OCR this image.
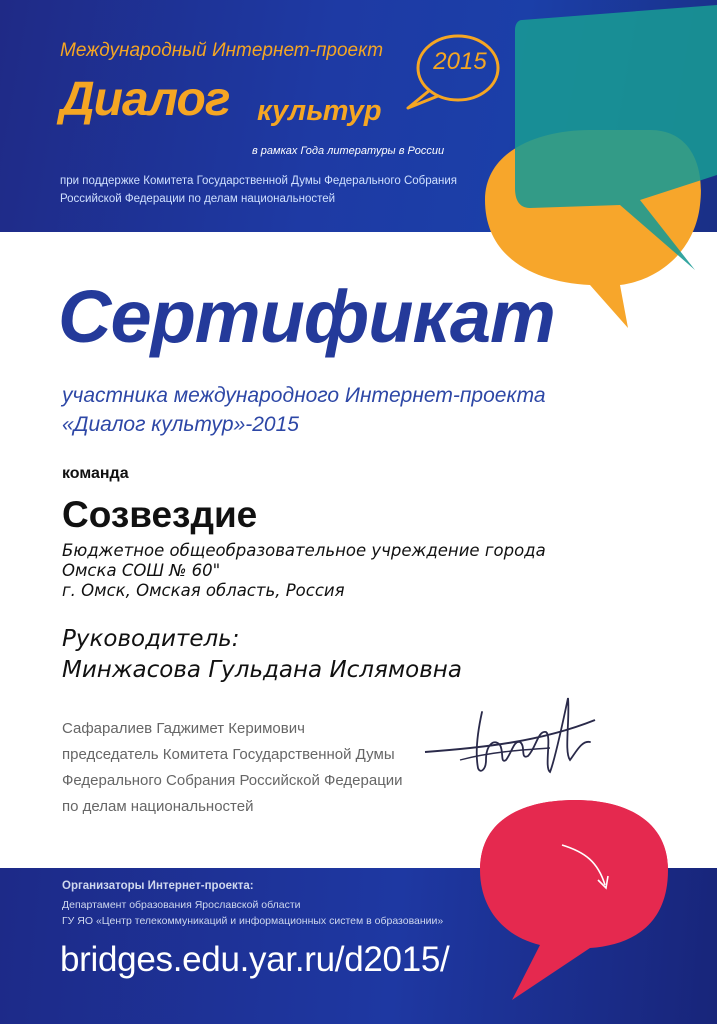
2015
Международный Интернет-проект
Диалог культур
в рамках Года литературы в России
при поддержке Комитета Государственной Думы Федерального Собрания
Российской Федерации по делам национальностей
Сертификат
участника международного Интернет-проекта
«Диалог культур»-2015
команда
Созвездие
Бюджетное общеобразовательное учреждение города
Омска СОШ № 60"
г. Омск, Омская область, Россия
Руководитель:
Минжасова Гульдана Ислямовна
Сафаралиев Гаджимет Керимович
председатель Комитета Государственной Думы
Федерального Собрания Российской Федерации
по делам национальностей
Организаторы Интернет-проекта:
Департамент образования Ярославской области
ГУ ЯО «Центр телекоммуникаций и информационных систем в образовании»
bridges.edu.yar.ru/d2015/
